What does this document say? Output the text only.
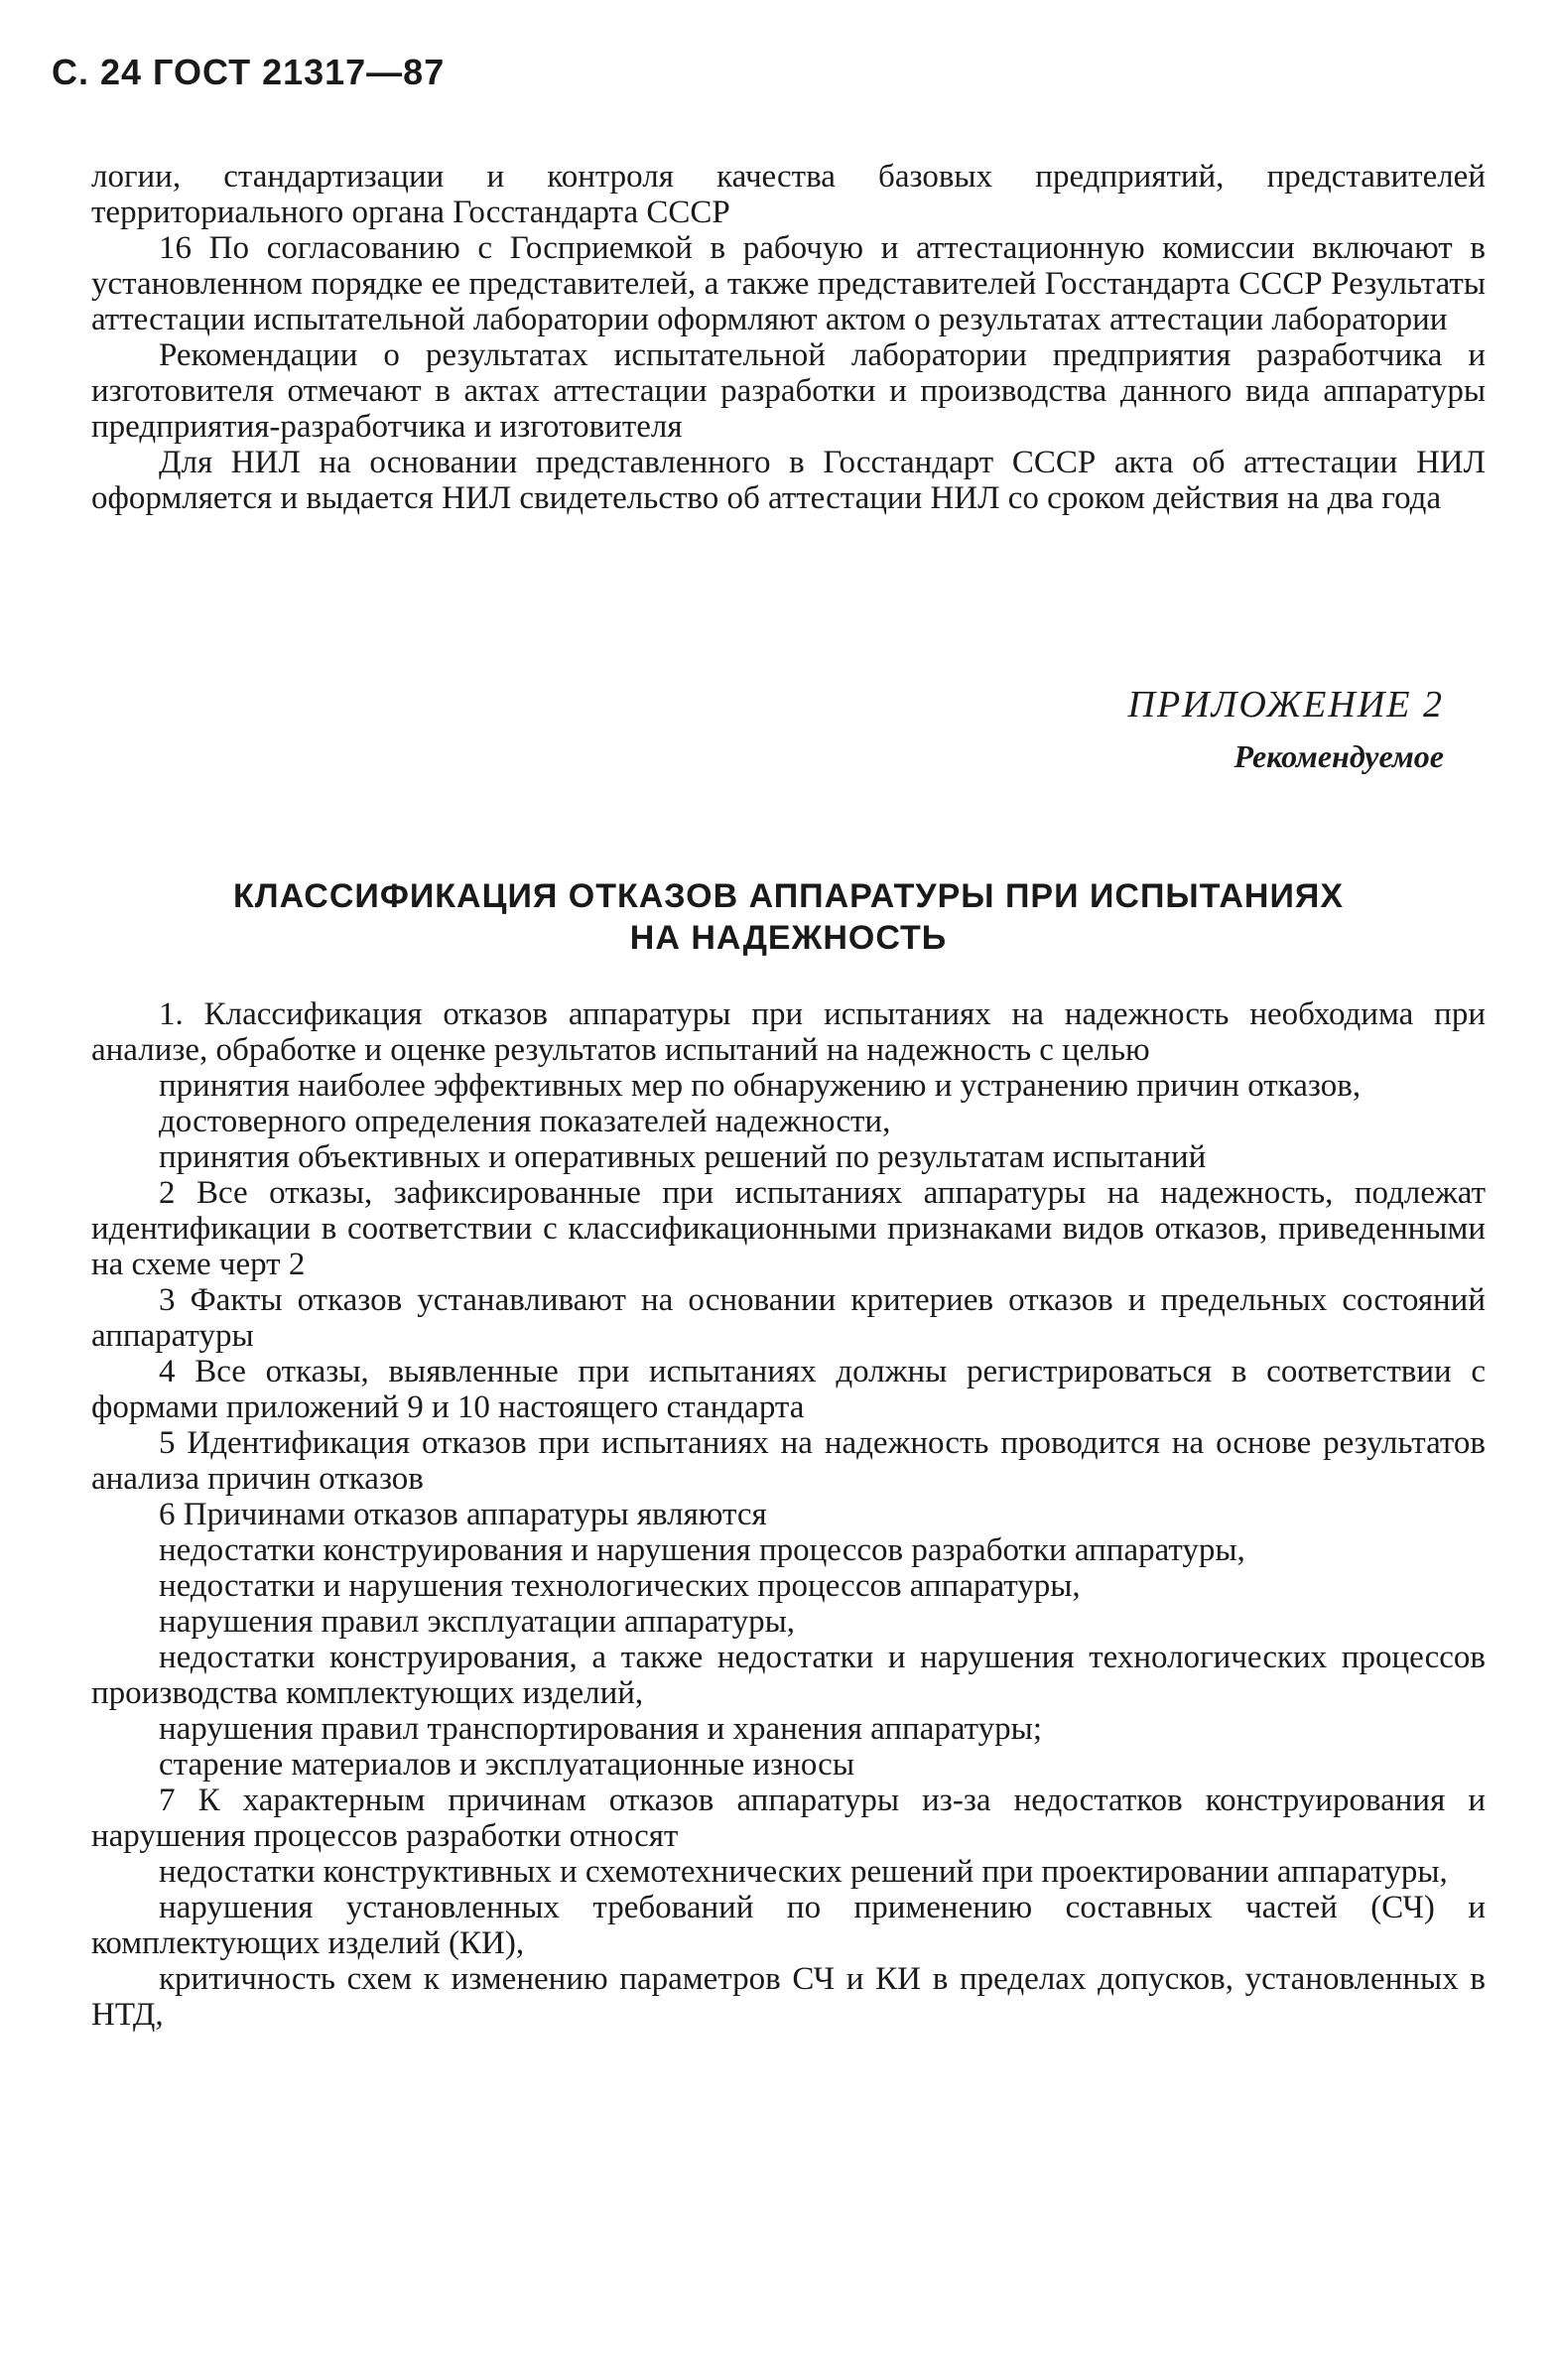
С. 24 ГОСТ 21317—87

логии, стандартизации и контроля качества базовых предприятий, представителей территориального органа Госстандарта СССР

16 По согласованию с Госприемкой в рабочую и аттестационную комиссии включают в установленном порядке ее представителей, а также представителей Госстандарта СССР Результаты аттестации испытательной лаборатории оформляют актом о результатах аттестации лаборатории

Рекомендации о результатах испытательной лаборатории предприятия разработчика и изготовителя отмечают в актах аттестации разработки и производства данного вида аппаратуры предприятия-разработчика и изготовителя

Для НИЛ на основании представленного в Госстандарт СССР акта об аттестации НИЛ оформляется и выдается НИЛ свидетельство об аттестации НИЛ со сроком действия на два года

ПРИЛОЖЕНИЕ 2
Рекомендуемое
КЛАССИФИКАЦИЯ ОТКАЗОВ АППАРАТУРЫ ПРИ ИСПЫТАНИЯХ
НА НАДЕЖНОСТЬ

1. Классификация отказов аппаратуры при испытаниях на надежность необходима при анализе, обработке и оценке результатов испытаний на надежность с целью

принятия наиболее эффективных мер по обнаружению и устранению причин отказов,

достоверного определения показателей надежности,

принятия объективных и оперативных решений по результатам испытаний

2 Все отказы, зафиксированные при испытаниях аппаратуры на надежность, подлежат идентификации в соответствии с классификационными признаками видов отказов, приведенными на схеме черт 2

3 Факты отказов устанавливают на основании критериев отказов и предельных состояний аппаратуры

4 Все отказы, выявленные при испытаниях должны регистрироваться в соответствии с формами приложений 9 и 10 настоящего стандарта

5 Идентификация отказов при испытаниях на надежность проводится на основе результатов анализа причин отказов

6 Причинами отказов аппаратуры являются

недостатки конструирования и нарушения процессов разработки аппаратуры,

недостатки и нарушения технологических процессов аппаратуры,

нарушения правил эксплуатации аппаратуры,

недостатки конструирования, а также недостатки и нарушения технологических процессов производства комплектующих изделий,

нарушения правил транспортирования и хранения аппаратуры;

старение материалов и эксплуатационные износы

7 К характерным причинам отказов аппаратуры из-за недостатков конструирования и нарушения процессов разработки относят

недостатки конструктивных и схемотехнических решений при проектировании аппаратуры,

нарушения установленных требований по применению составных частей (СЧ) и комплектующих изделий (КИ),

критичность схем к изменению параметров СЧ и КИ в пределах допусков, установленных в НТД,
